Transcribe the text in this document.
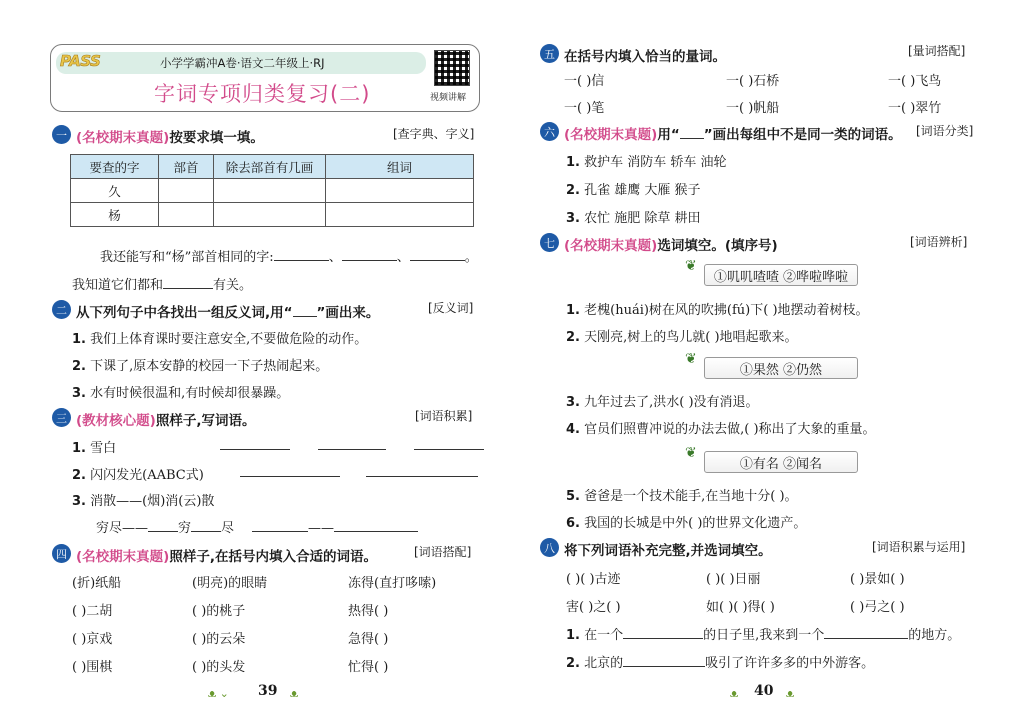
PASS	小学学霸冲A卷·语文二年级上·RJ
字词专项归类复习(二)	视频讲解
一 (名校期末真题)按要求填一填。	[查字典、字义]
要查的字	部首	除去部首有几画	组词
久			
杨			
我还能写和“杨”部首相同的字:	、	、	。
我知道它们都和	有关。
二 从下列句子中各找出一组反义词,用“ ”画出来。	[反义词]
1. 我们上体育课时要注意安全,不要做危险的动作。
2. 下课了,原本安静的校园一下子热闹起来。
3. 水有时候很温和,有时候却很暴躁。
三 (教材核心题)照样子,写词语。	[词语积累]
1. 雪白
2. 闪闪发光(AABC式)
3. 消散——(烟)消(云)散
穷尽—— 穷 尽	——
四 (名校期末真题)照样子,在括号内填入合适的词语。	[词语搭配]
(折)纸船	(明亮)的眼睛	冻得(直打哆嗦)
( )二胡	( )的桃子	热得( )
( )京戏	( )的云朵	急得( )
( )围棋	( )的头发	忙得( )
ᴥ ⌄ 39 ᴥ
五 在括号内填入恰当的量词。	[量词搭配]
一( )信	一( )石桥	一( )飞鸟
一( )笔	一( )帆船	一( )翠竹
六 (名校期末真题)用“ ”画出每组中不是同一类的词语。 [词语分类]
1. 救护车 消防车 轿车 油轮
2. 孔雀 雄鹰 大雁 猴子
3. 农忙 施肥 除草 耕田
七 (名校期末真题)选词填空。(填序号)	[词语辨析]
❦
①叽叽喳喳 ②哗啦哗啦
1. 老槐(huái)树在风的吹拂(fú)下( )地摆动着树枝。
2. 天刚亮,树上的鸟儿就( )地唱起歌来。
❦
①果然 ②仍然
3. 九年过去了,洪水( )没有消退。
4. 官员们照曹冲说的办法去做,( )称出了大象的重量。
❦
①有名 ②闻名
5. 爸爸是一个技术能手,在当地十分( )。
6. 我国的长城是中外( )的世界文化遗产。
八 将下列词语补充完整,并选词填空。	[词语积累与运用]
( )( )古迹	( )( )日丽	( )景如( )
害( )之( )	如( )( )得( )	( )弓之( )
1. 在一个	的日子里,我来到一个	的地方。
2. 北京的	吸引了许许多多的中外游客。
ᴥ 40 ᴥ
